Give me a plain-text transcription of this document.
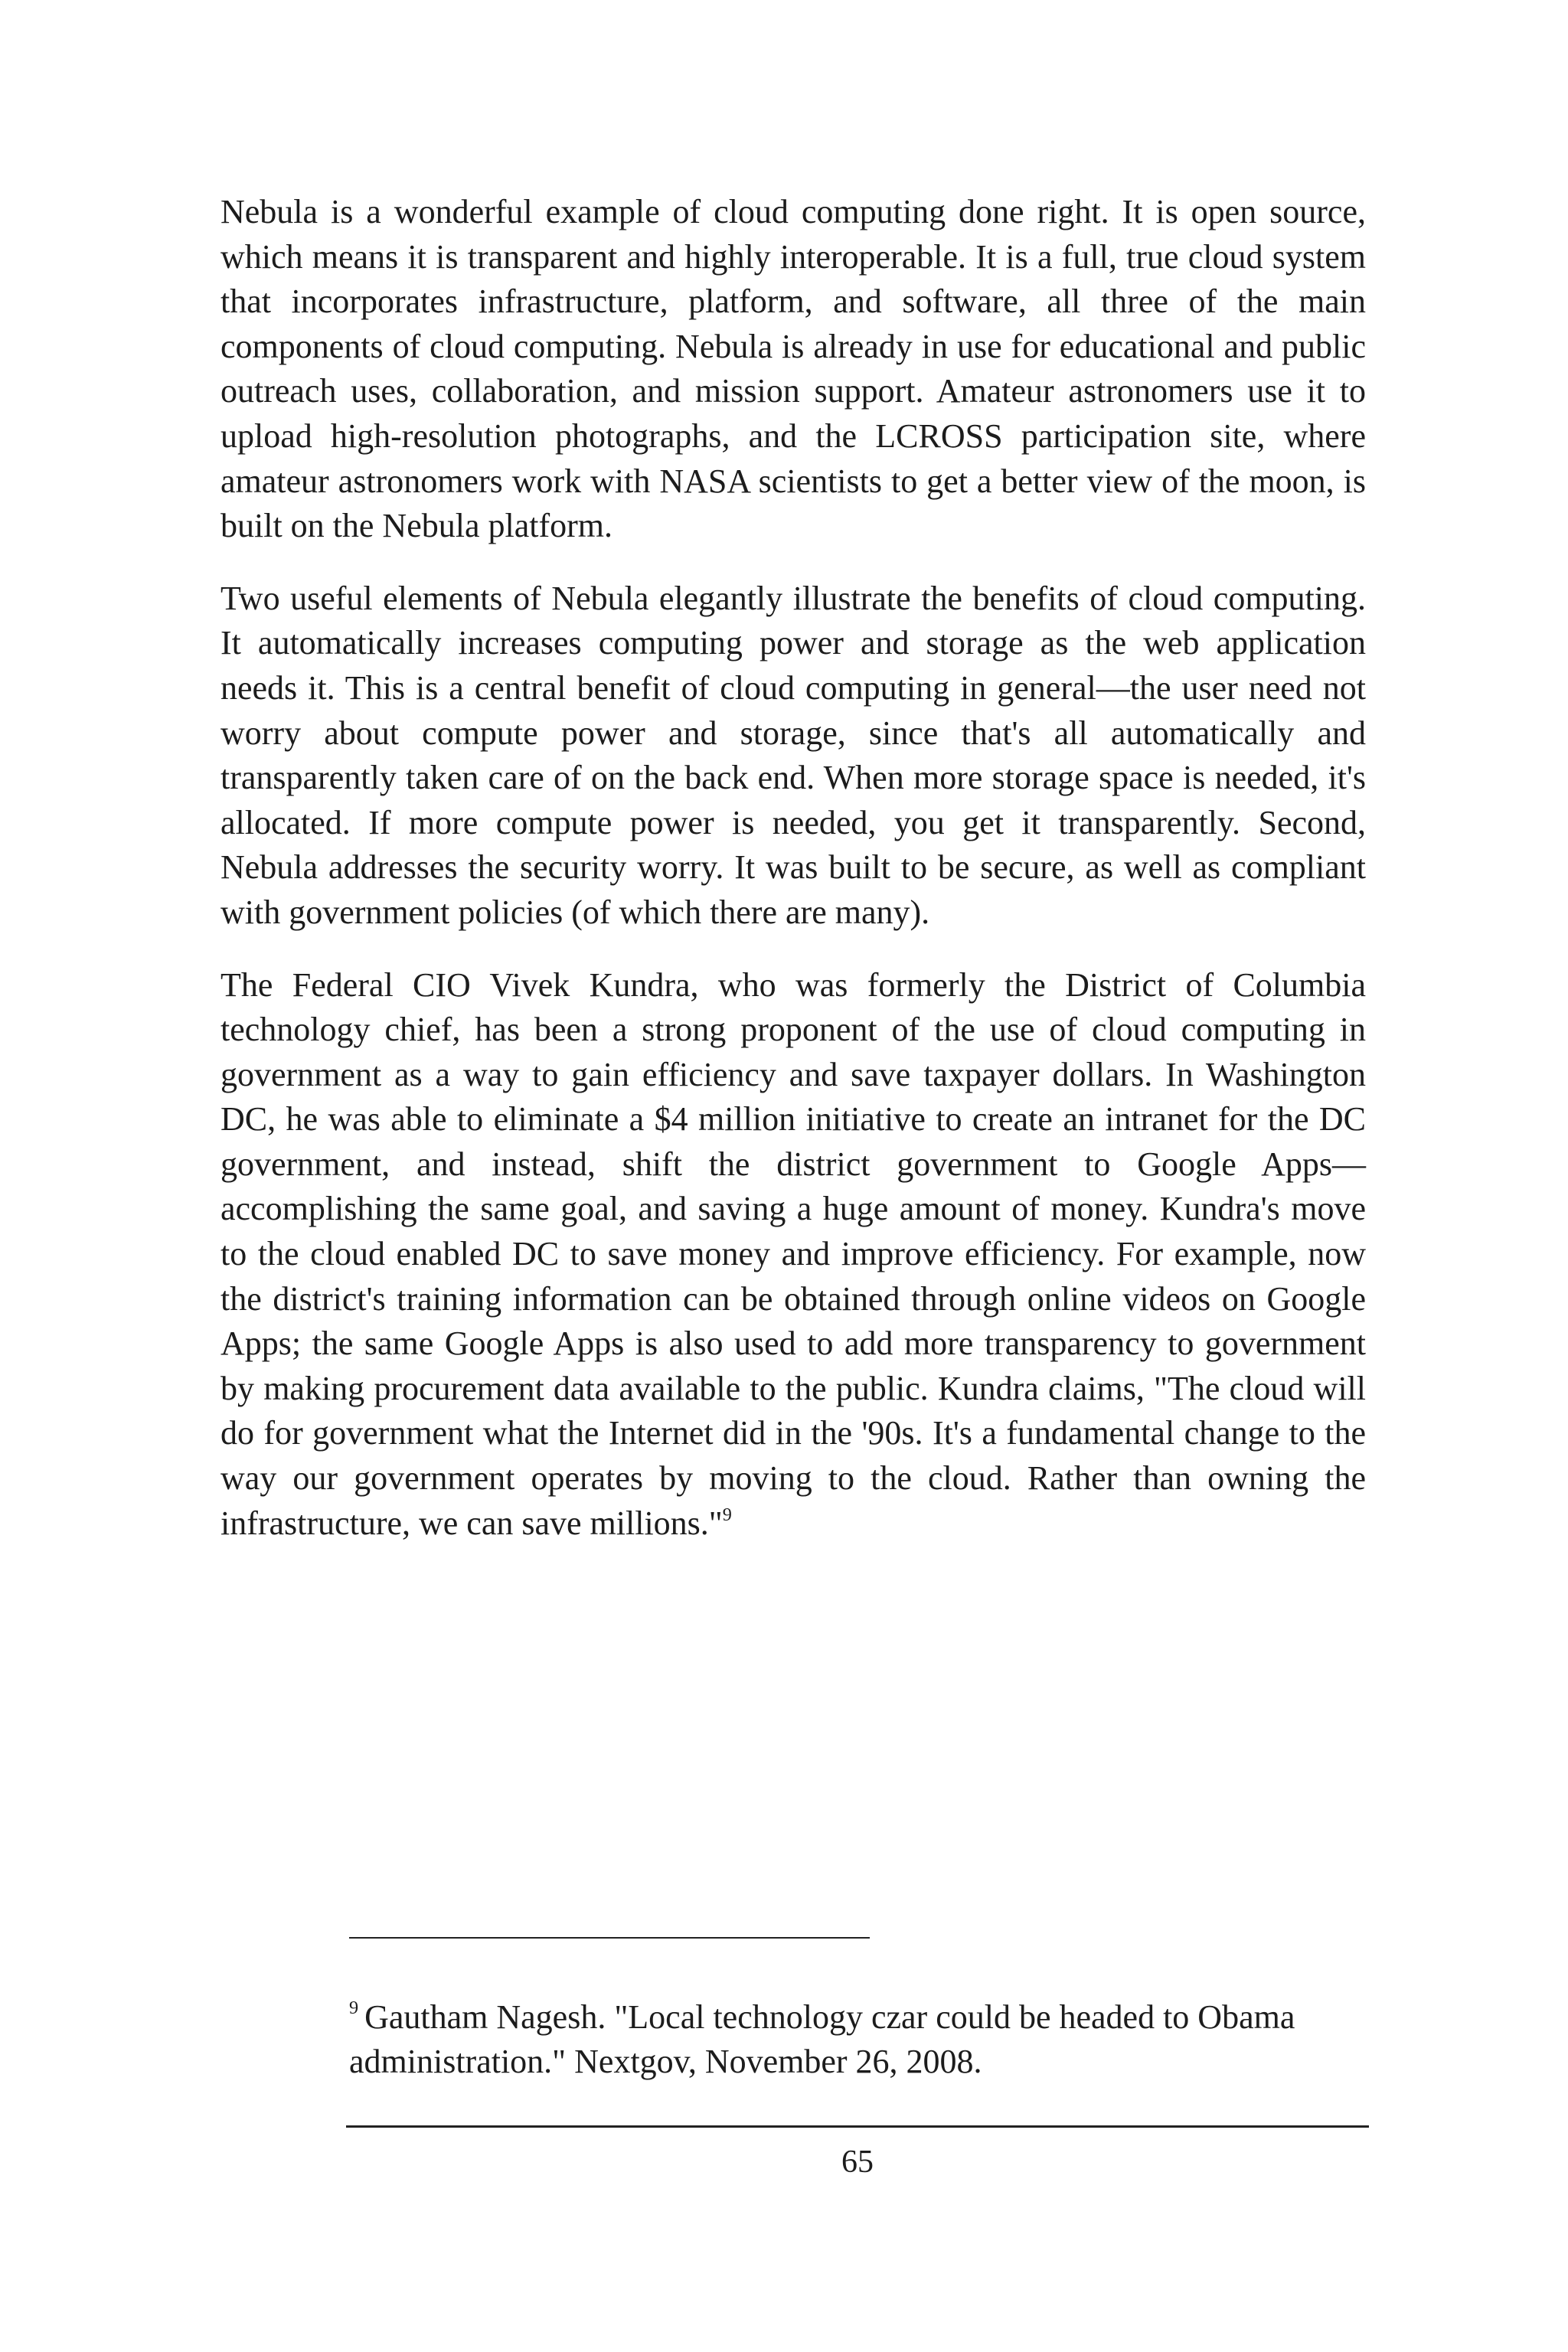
Nebula is a wonderful example of cloud computing done right. It is open source, which means it is transparent and highly interoperable. It is a full, true cloud system that incorporates infrastructure, platform, and software, all three of the main components of cloud computing. Nebula is already in use for educational and public outreach uses, collaboration, and mission support. Amateur astronomers use it to upload high-resolution photographs, and the LCROSS participation site, where amateur astronomers work with NASA scientists to get a better view of the moon, is built on the Nebula platform.

Two useful elements of Nebula elegantly illustrate the benefits of cloud computing. It automatically increases computing power and storage as the web application needs it. This is a central benefit of cloud computing in general—the user need not worry about compute power and storage, since that's all automatically and transparently taken care of on the back end. When more storage space is needed, it's allocated. If more compute power is needed, you get it transparently. Second, Nebula addresses the security worry. It was built to be secure, as well as compliant with government policies (of which there are many).

The Federal CIO Vivek Kundra, who was formerly the District of Columbia technology chief, has been a strong proponent of the use of cloud computing in government as a way to gain efficiency and save taxpayer dollars. In Washington DC, he was able to eliminate a $4 million initiative to create an intranet for the DC government, and instead, shift the district government to Google Apps—accomplishing the same goal, and saving a huge amount of money. Kundra's move to the cloud enabled DC to save money and improve efficiency. For example, now the district's training information can be obtained through online videos on Google Apps; the same Google Apps is also used to add more transparency to government by making procurement data available to the public. Kundra claims, "The cloud will do for government what the Internet did in the '90s. It's a fundamental change to the way our government operates by moving to the cloud. Rather than owning the infrastructure, we can save millions."$^9$

$^9$ Gautham Nagesh. "Local technology czar could be headed to Obama administration." Nextgov, November 26, 2008.

65
